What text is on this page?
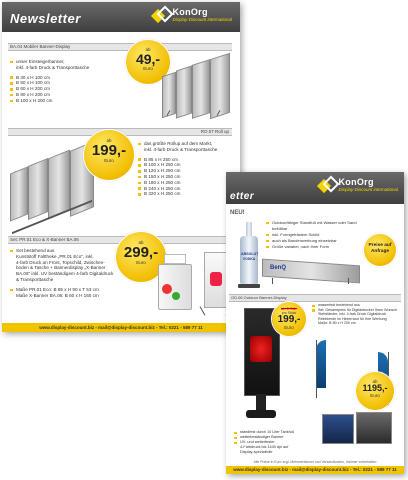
Newsletter	KonOrg
Display-Discount international
BA.04 Mobiler Banner-Display
unser Einsteigerbanner,
inkl. 4-farb Druck & Transporttasche
B 30 x H 100 cm
B 50 x H 100 cm
B 60 x H 200 cm
B 80 x H 200 cm
B 100 x H 200 cm
ab
49,-
Euro
RO.07 Roll up
ab
199,-
Euro
das größte Rollup auf dem Markt,
inkl. 4-farb Druck & Transporttasche
B 85 x H 250 cm
B 100 x H 250 cm
B 120 x H 250 cm
B 150 x H 250 cm
B 180 x H 250 cm
B 240 x H 250 cm
B 320 x H 250 cm
Set: PR.01 Eco & X-Banner BA.06
Set bestehend aus
Kunststoff Falttheke „PR.01 Eco", inkl.
4-farb Druck an Front, Topschild, Zwischen-
boden & Tasche + Bannerdisplay „X-Banner
BA.06" inkl. UV beständigem 4-farb Digitaldruck
& Transporttasche
Maße PR.01 Eco: B 85 x H 90 x T 53 cm
Maße X-Banner BA.06: B 60 x H 160 cm
ab
299,-
Euro
www.display-discount.biz - mail@display-discount.biz - Tel.: 0221 - 589 77 11
etter
KonOrg
Display-Discount international
NEU!
ABSOLUT
VODKA
Outdoorfähiger Standfuß mit Wasser oder Sand befüllbar
inkl. Formgefrästem Schild
auch als Bandenwerbung einsetzbar
Größe variabel, nach Ihrer Form	Preise auf Anfrage
BenQ
OD.06 Outdoor Banner-Display
ab 5 Stk.
pro Stück
199,-
Euro
wasserfest bestehend aus
Set: Gesamtpreis für Digitaldrucker Ihren Wunsch
Stehständer, inkl. 4-farb Druck Digitaldruck
Reinblende im Hinterrand für Ihre Werbung
Maße: B 80 x H 200 cm
ab
1195,-
Euro
standfest durch 10 Liter Tankfuß
wetterbeständiger Banner
UV- und wetterfester
4-Farbdruck bis 1440 dpi auf
Display-spezialfolie
Alle Preise in Euro zzgl. Mehrwertsteuer und Versandkosten, Irrtümer vorbehalten
www.display-discount.biz - mail@display-discount.biz - Tel.: 0221 - 589 77 11
